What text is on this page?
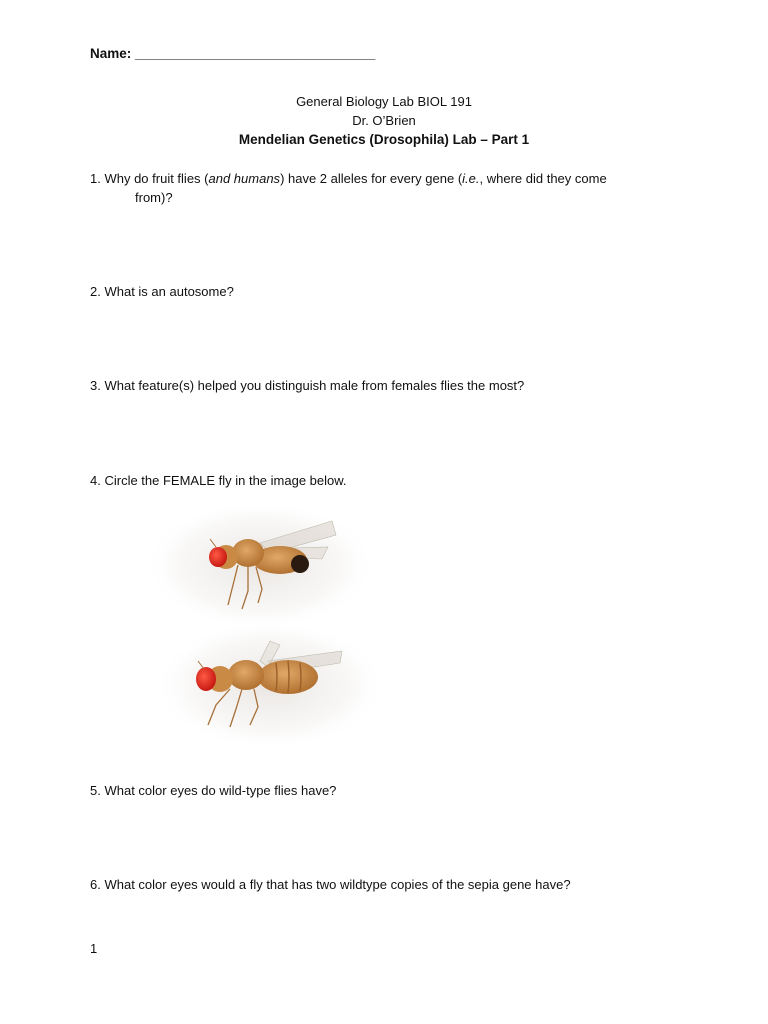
Name: ________________________________
General Biology Lab BIOL 191
Dr. O’Brien
Mendelian Genetics (Drosophila) Lab – Part 1
1. Why do fruit flies (and humans) have 2 alleles for every gene (i.e., where did they come
from)?
2. What is an autosome?
3. What feature(s) helped you distinguish male from females flies the most?
4. Circle the FEMALE fly in the image below.
5. What color eyes do wild-type flies have?
6. What color eyes would a fly that has two wildtype copies of the sepia gene have?
1
